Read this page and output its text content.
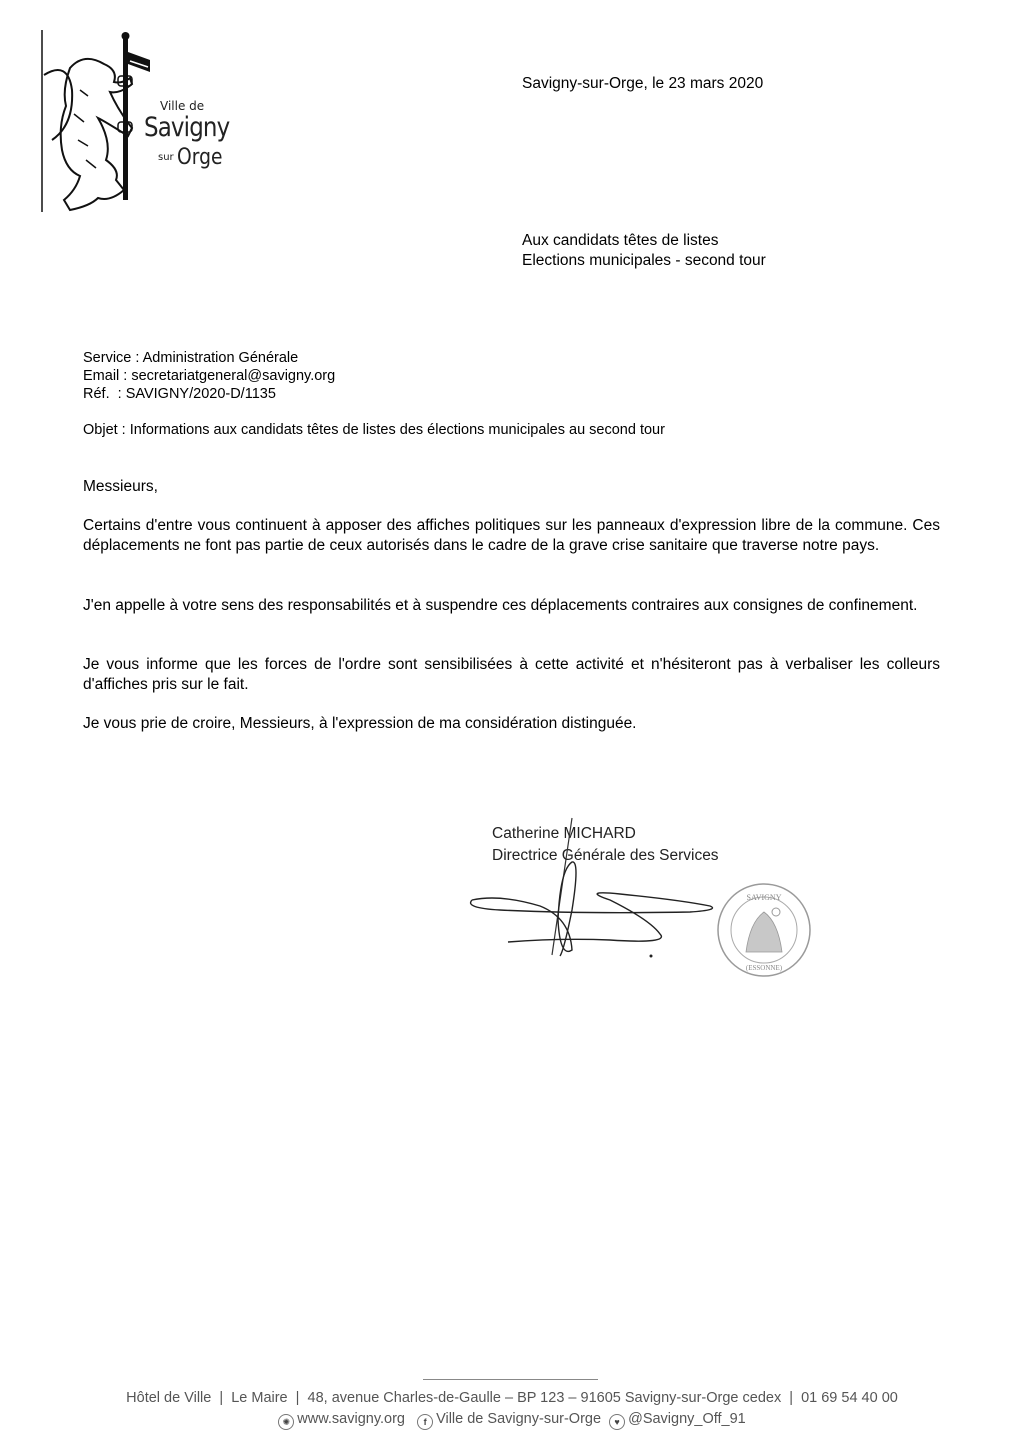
Ville de
Savigny
sur Orge
Savigny-sur-Orge, le 23 mars 2020
Aux candidats têtes de listes
Elections municipales - second tour
Service : Administration Générale
Email : secretariatgeneral@savigny.org
Réf.  : SAVIGNY/2020-D/1135
Objet : Informations aux candidats têtes de listes des élections municipales au second tour
Messieurs,
Certains d'entre vous continuent à apposer des affiches politiques sur les panneaux d'expression libre de la commune. Ces déplacements ne font pas partie de ceux autorisés dans le cadre de la grave crise sanitaire que traverse notre pays.
J'en appelle à votre sens des responsabilités et à suspendre ces déplacements contraires aux consignes de confinement.
Je vous informe que les forces de l'ordre sont sensibilisées à cette activité et n'hésiteront pas à verbaliser les colleurs d'affiches pris sur le fait.
Je vous prie de croire, Messieurs, à l'expression de ma considération distinguée.
Catherine MICHARD
Directrice Générale des Services
SAVIGNY
(ESSONNE)
Hôtel de Ville  |  Le Maire  |  48, avenue Charles-de-Gaulle – BP 123 – 91605 Savigny-sur-Orge cedex  |  01 69 54 40 00
✺ www.savigny.org f Ville de Savigny-sur-Orge ♥ @Savigny_Off_91
